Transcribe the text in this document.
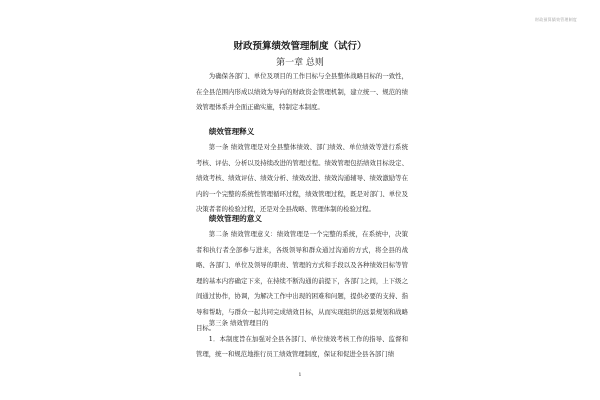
財政預算績效管理制度
财政预算绩效管理制度（试行）
第一章 总则

为确保各部门、单位及项目的工作目标与全县整体战略目标的一致性，在全县范围内形成以绩效为导向的财政资金管理机制，建立统一、规范的绩效管理体系并全面正确实施，特制定本制度。

绩效管理释义

第一条 绩效管理是对全县整体绩效、部门绩效、单位绩效等进行系统考核、评估、分析以及持续改进的管理过程。绩效管理包括绩效目标设定、绩效考核、绩效评估、绩效分析、绩效改进、绩效沟通辅导、绩效激励等在内的一个完整的系统性管理循环过程，绩效管理过程，既是对部门、单位及决策者者的检验过程，还是对全县战略、管理体制的检验过程。

绩效管理的意义

第二条 绩效管理意义：绩效管理是一个完整的系统，在系统中，决策者和执行者全部参与进来，各级领导和群众通过沟通的方式，将全县的战略、各部门、单位及领导的职责、管理的方式和手段以及各种绩效目标等管理的基本内容确定下来，在持续不断沟通的前提下，各部门之间，上下级之间通过协作，协调，为解决工作中出现的困难和问题，提供必要的支持、指导和帮助，与群众一起共同完成绩效目标，从而实现组织的远景规划和战略目标。

第三条 绩效管理目的

1．本制度旨在加强对全县各部门、单位绩效考核工作的指导、监督和管理，统一和规范地推行员工绩效管理制度，保证和促进全县各部门绩

1
